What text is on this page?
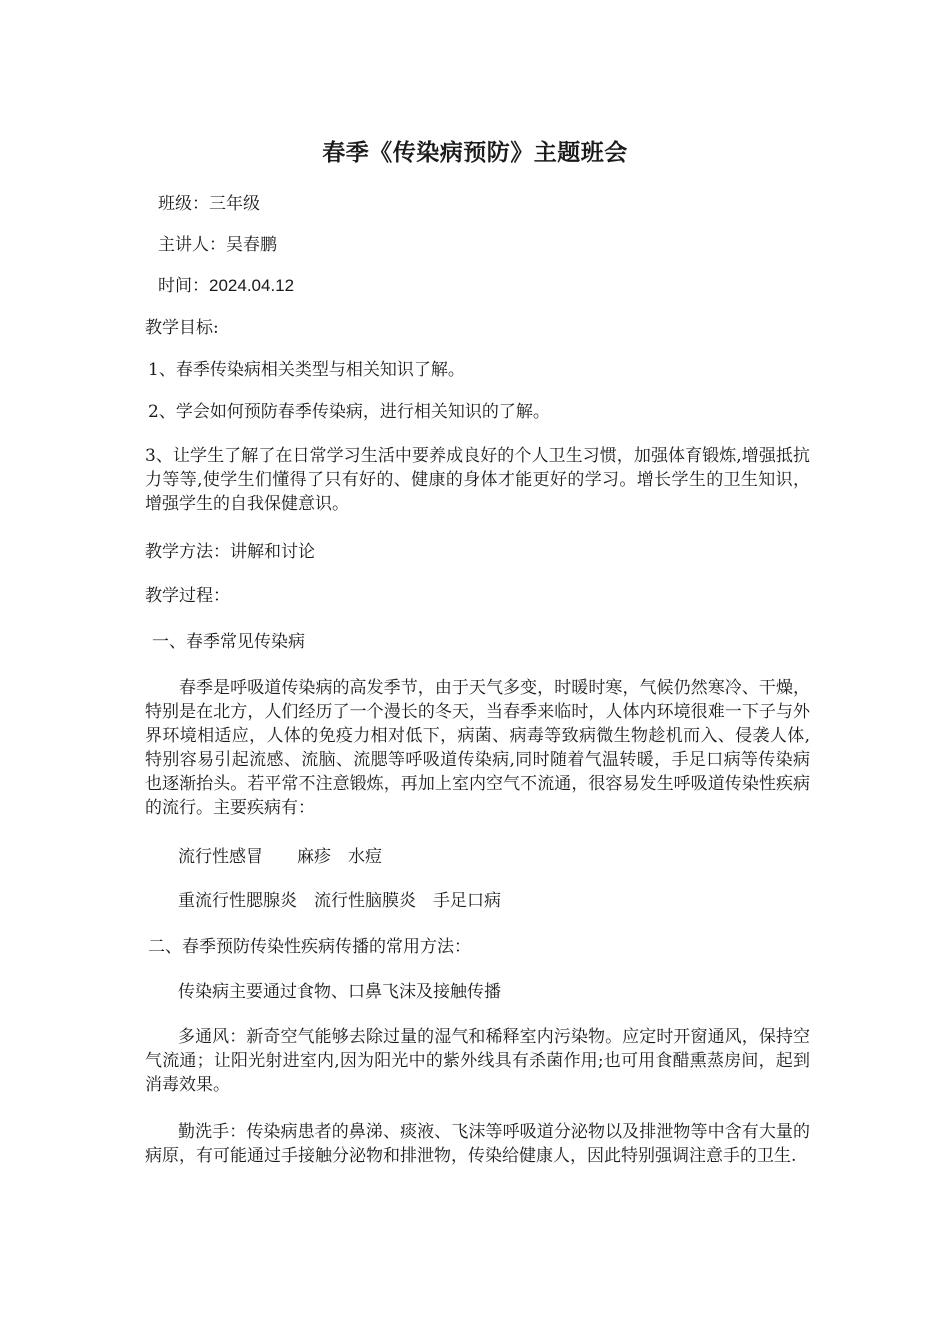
春季《传染病预防》主题班会
班级：三年级
主讲人：吴春鹏
时间：2024.04.12
教学目标:
1、春季传染病相关类型与相关知识了解。
2、学会如何预防春季传染病，进行相关知识的了解。
3、让学生了解了在日常学习生活中要养成良好的个人卫生习惯，加强体育锻炼,增强抵抗力等等,使学生们懂得了只有好的、健康的身体才能更好的学习。增长学生的卫生知识，增强学生的自我保健意识。
教学方法：讲解和讨论
教学过程：
一、春季常见传染病
春季是呼吸道传染病的高发季节，由于天气多变，时暖时寒，气候仍然寒冷、干燥，特别是在北方，人们经历了一个漫长的冬天，当春季来临时，人体内环境很难一下子与外界环境相适应，人体的免疫力相对低下，病菌、病毒等致病微生物趁机而入、侵袭人体,特别容易引起流感、流脑、流腮等呼吸道传染病,同时随着气温转暖，手足口病等传染病也逐渐抬头。若平常不注意锻炼，再加上室内空气不流通，很容易发生呼吸道传染性疾病的流行。主要疾病有：
流行性感冒　　麻疹　水痘
重流行性腮腺炎　流行性脑膜炎　手足口病
二、春季预防传染性疾病传播的常用方法：
传染病主要通过食物、口鼻飞沫及接触传播
多通风：新奇空气能够去除过量的湿气和稀释室内污染物。应定时开窗通风，保持空气流通；让阳光射进室内,因为阳光中的紫外线具有杀菌作用;也可用食醋熏蒸房间，起到消毒效果。
勤洗手：传染病患者的鼻涕、痰液、飞沫等呼吸道分泌物以及排泄物等中含有大量的病原，有可能通过手接触分泌物和排泄物，传染给健康人，因此特别强调注意手的卫生.
